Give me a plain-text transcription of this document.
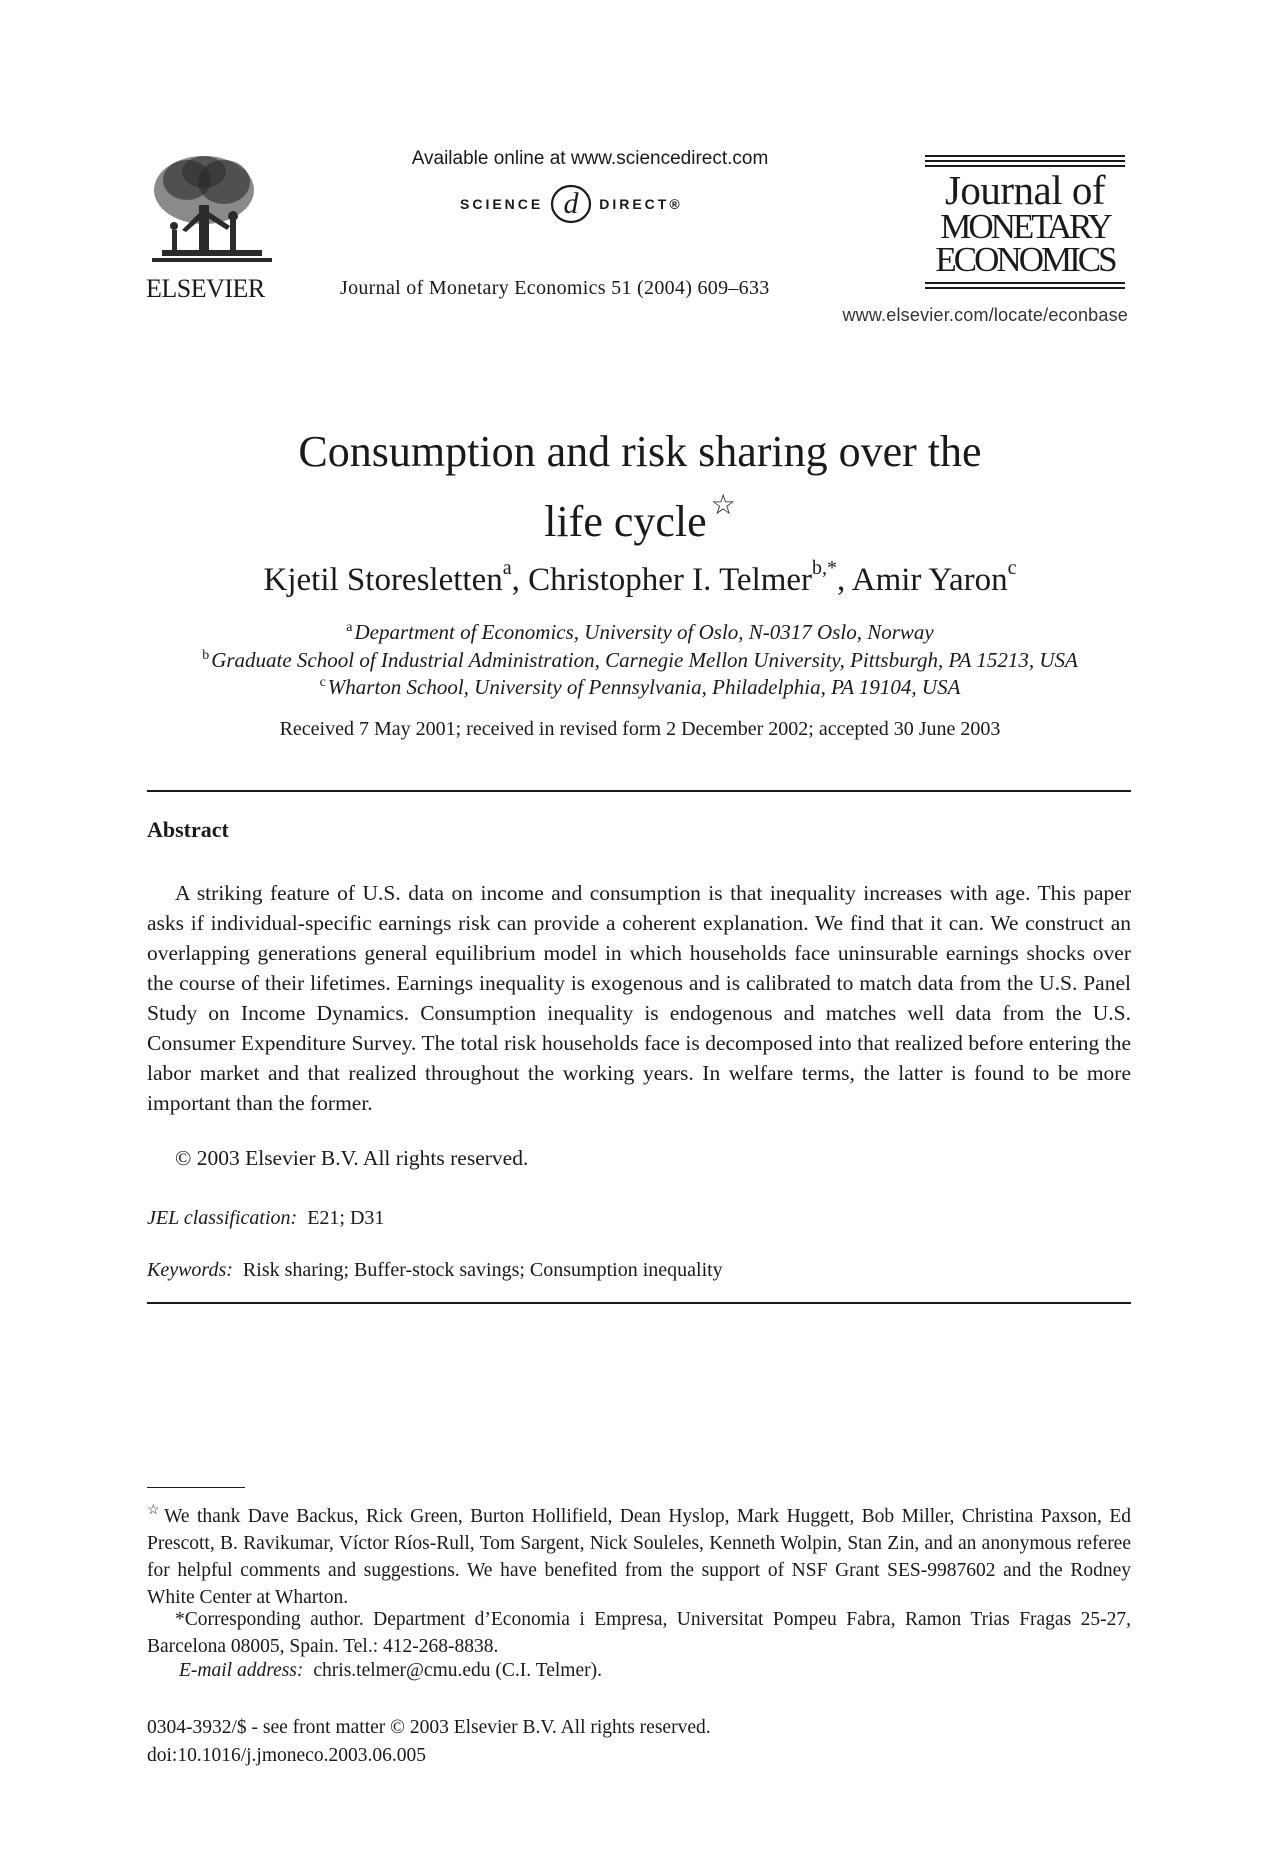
ELSEVIER
Available online at www.sciencedirect.com
SCIENCE d DIRECT®
Journal of Monetary Economics 51 (2004) 609–633
Journal of
MONETARY
ECONOMICS
www.elsevier.com/locate/econbase
Consumption and risk sharing over the
life cycle ☆
Kjetil Storesletten$^a$, Christopher I. Telmer$^{b,*}$, Amir Yaron$^c$
$^a$Department of Economics, University of Oslo, N-0317 Oslo, Norway
$^b$Graduate School of Industrial Administration, Carnegie Mellon University, Pittsburgh, PA 15213, USA
$^c$Wharton School, University of Pennsylvania, Philadelphia, PA 19104, USA
Received 7 May 2001; received in revised form 2 December 2002; accepted 30 June 2003
Abstract
A striking feature of U.S. data on income and consumption is that inequality increases with age. This paper asks if individual-specific earnings risk can provide a coherent explanation. We find that it can. We construct an overlapping generations general equilibrium model in which households face uninsurable earnings shocks over the course of their lifetimes. Earnings inequality is exogenous and is calibrated to match data from the U.S. Panel Study on Income Dynamics. Consumption inequality is endogenous and matches well data from the U.S. Consumer Expenditure Survey. The total risk households face is decomposed into that realized before entering the labor market and that realized throughout the working years. In welfare terms, the latter is found to be more important than the former.
© 2003 Elsevier B.V. All rights reserved.
JEL classification: E21; D31
Keywords: Risk sharing; Buffer-stock savings; Consumption inequality
☆ We thank Dave Backus, Rick Green, Burton Hollifield, Dean Hyslop, Mark Huggett, Bob Miller, Christina Paxson, Ed Prescott, B. Ravikumar, Víctor Ríos-Rull, Tom Sargent, Nick Souleles, Kenneth Wolpin, Stan Zin, and an anonymous referee for helpful comments and suggestions. We have benefited from the support of NSF Grant SES-9987602 and the Rodney White Center at Wharton.
*Corresponding author. Department d’Economia i Empresa, Universitat Pompeu Fabra, Ramon Trias Fragas 25-27, Barcelona 08005, Spain. Tel.: 412-268-8838.
E-mail address: chris.telmer@cmu.edu (C.I. Telmer).
0304-3932/$ - see front matter © 2003 Elsevier B.V. All rights reserved.
doi:10.1016/j.jmoneco.2003.06.005
